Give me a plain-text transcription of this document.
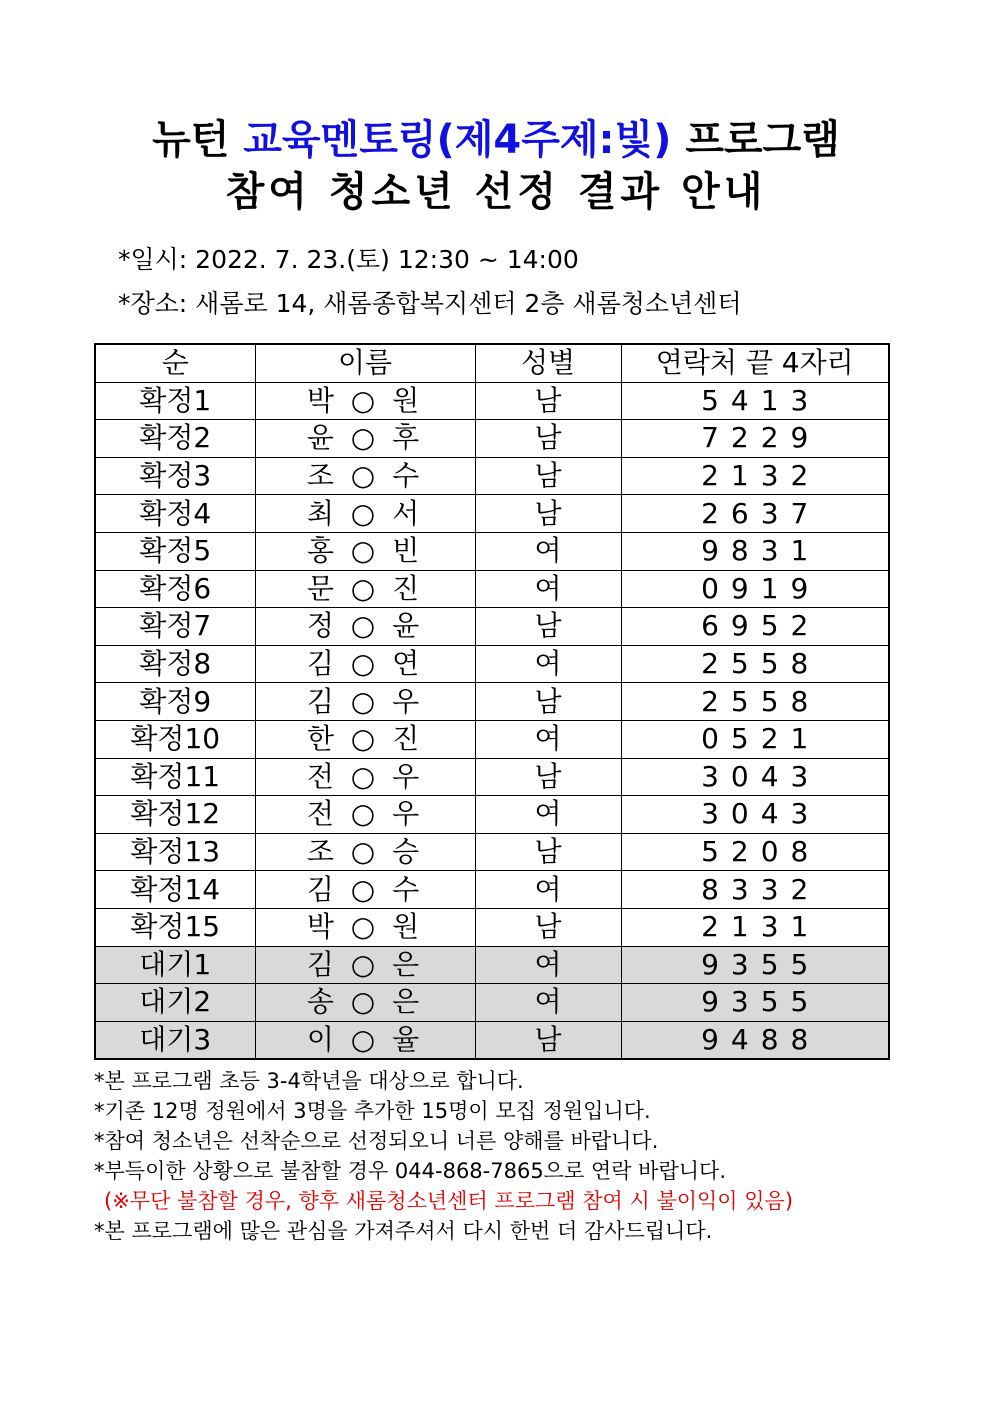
뉴턴 교육멘토링(제4주제:빛) 프로그램
참여 청소년 선정 결과 안내
*일시: 2022. 7. 23.(토) 12:30 ~ 14:00
*장소: 새롬로 14, 새롬종합복지센터 2층 새롬청소년센터
순	이름	성별	연락처 끝 4자리
확정1	박 ○ 원	남	5413
확정2	윤 ○ 후	남	7229
확정3	조 ○ 수	남	2132
확정4	최 ○ 서	남	2637
확정5	홍 ○ 빈	여	9831
확정6	문 ○ 진	여	0919
확정7	정 ○ 윤	남	6952
확정8	김 ○ 연	여	2558
확정9	김 ○ 우	남	2558
확정10	한 ○ 진	여	0521
확정11	전 ○ 우	남	3043
확정12	전 ○ 우	여	3043
확정13	조 ○ 승	남	5208
확정14	김 ○ 수	여	8332
확정15	박 ○ 원	남	2131
대기1	김 ○ 은	여	9355
대기2	송 ○ 은	여	9355
대기3	이 ○ 율	남	9488
*본 프로그램 초등 3-4학년을 대상으로 합니다.
*기존 12명 정원에서 3명을 추가한 15명이 모집 정원입니다.
*참여 청소년은 선착순으로 선정되오니 너른 양해를 바랍니다.
*부득이한 상황으로 불참할 경우 044-868-7865으로 연락 바랍니다.
(※무단 불참할 경우, 향후 새롬청소년센터 프로그램 참여 시 불이익이 있음)
*본 프로그램에 많은 관심을 가져주셔서 다시 한번 더 감사드립니다.
